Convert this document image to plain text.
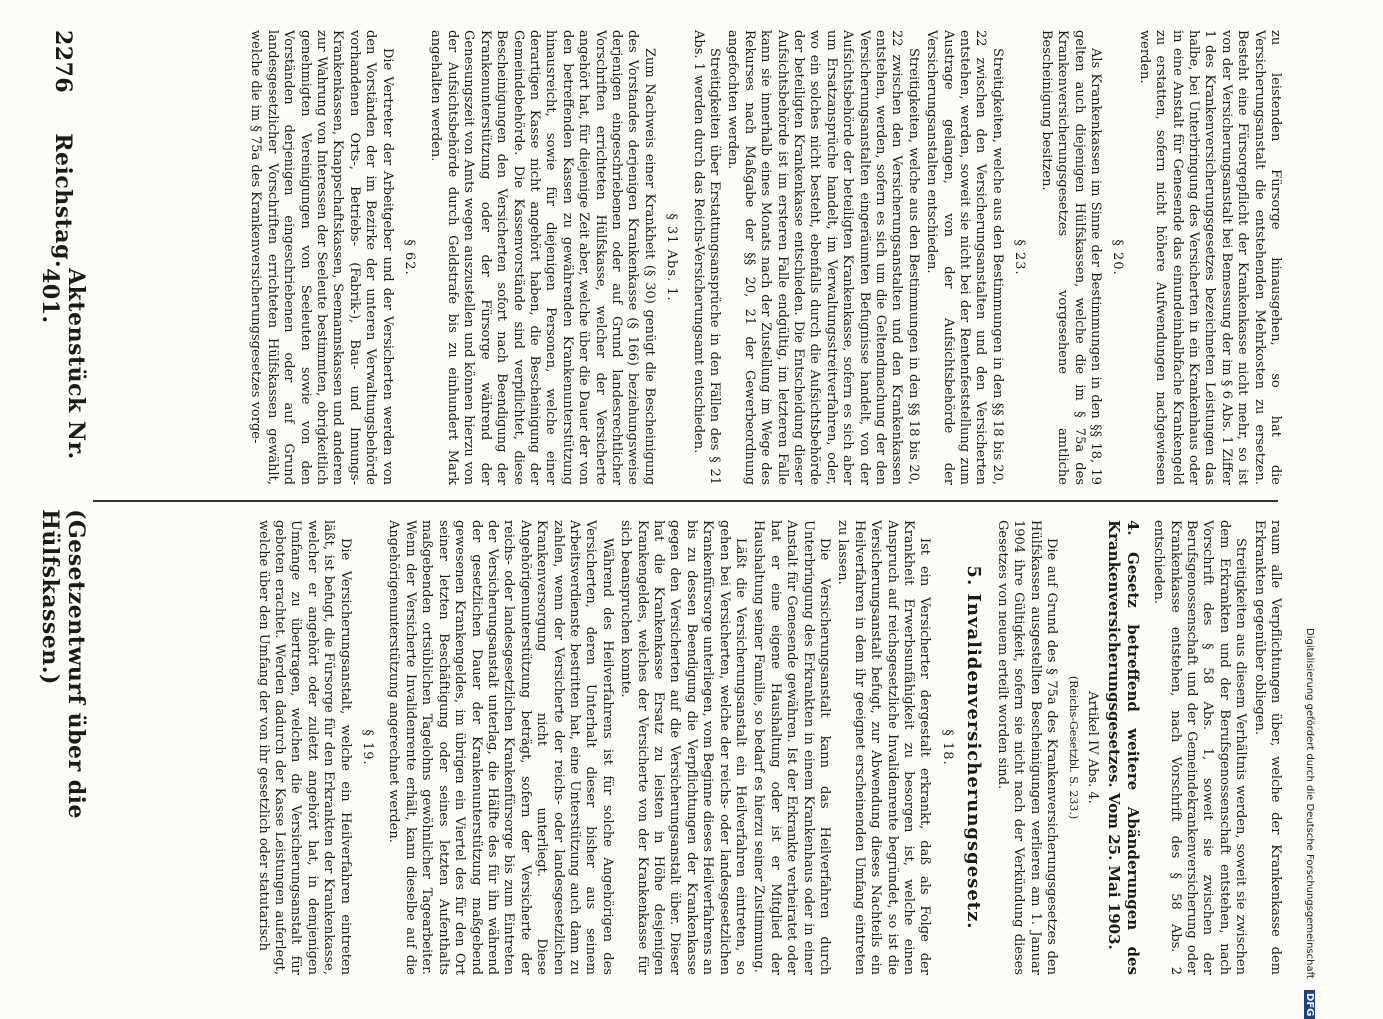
2276
Reichstag.
Aktenstück Nr. 401.
(Gesetzentwurf über die Hülfskassen.)	raum alle Verpflichtungen über, welche der Krankenkasse dem Erkrankten gegenüber obliegen.

Streitigkeiten aus diesem Verhältnis werden, soweit sie zwischen dem Erkrankten und der Berufsgenossenschaft entstehen, nach Vorschrift des § 58 Abs. 1, soweit sie zwischen der Berufsgenossenschaft und der Gemeindekrankenversicherung oder Krankenkasse entstehen, nach Vorschrift des § 58 Abs. 2 entschieden.

4. Gesetz betreffend weitere Abänderungen des Krankenversicherungsgesetzes. Vom 25. Mai 1903.
Artikel IV Abs. 4.
(Reichs-Gesetzbl. S. 233.)

Die auf Grund des § 75a des Krankenversicherungsgesetzes den Hülfskassen ausgestellten Bescheinigungen verlieren am 1. Januar 1904 ihre Gültigkeit, sofern sie nicht nach der Verkündung dieses Gesetzes von neuem erteilt worden sind.

5. Invalidenversicherungsgesetz.
§ 18.

Ist ein Versicherter dergestalt erkrankt, daß als Folge der Krankheit Erwerbsunfähigkeit zu besorgen ist, welche einen Anspruch auf reichsgesetzliche Invalidenrente begründet, so ist die Versicherungsanstalt befugt, zur Abwendung dieses Nachteils ein Heilverfahren in dem ihr geeignet erscheinenden Umfang eintreten zu lassen.

Die Versicherungsanstalt kann das Heilverfahren durch Unterbringung des Erkrankten in einem Krankenhaus oder in einer Anstalt für Genesende gewähren. Ist der Erkrankte verheiratet oder hat er eine eigene Haushaltung oder ist er Mitglied der Haushaltung seiner Familie, so bedarf es hierzu seiner Zustimmung.

Läßt die Versicherungsanstalt ein Heilverfahren eintreten, so gehen bei Versicherten, welche der reichs- oder landesgesetzlichen Krankenfürsorge unterliegen, vom Beginne dieses Heilverfahrens an bis zu dessen Beendigung die Verpflichtungen der Krankenkasse gegen den Versicherten auf die Versicherungsanstalt über. Dieser hat die Krankenkasse Ersatz zu leisten in Höhe desjenigen Krankengeldes, welches der Versicherte von der Krankenkasse für sich beanspruchen konnte.

Während des Heilverfahrens ist für solche Angehörigen des Versicherten, deren Unterhalt dieser bisher aus seinem Arbeitsverdienste bestritten hat, eine Unterstützung auch dann zu zahlen, wenn der Versicherte der reichs- oder landesgesetzlichen Krankenversorgung nicht unterliegt. Diese Angehörigenunterstützung beträgt, sofern der Versicherte der reichs- oder landesgesetzlichen Krankenfürsorge bis zum Eintreten der Versicherungsanstalt unterlag, die Hälfte des für ihn während der gesetzlichen Dauer der Krankenunterstützung maßgebend gewesenen Krankengeldes, im übrigen ein Viertel des für den Ort seiner letzten Beschäftigung oder seines letzten Aufenthalts maßgebenden ortsüblichen Tagelohns gewöhnlicher Tagearbeiter. Wenn der Versicherte Invalidenrente erhält, kann dieselbe auf die Angehörigenunterstützung angerechnet werden.

§ 19.

Die Versicherungsanstalt, welche ein Heilverfahren eintreten läßt, ist befugt, die Fürsorge für den Erkrankten der Krankenkasse, welcher er angehört oder zuletzt angehört hat, in demjenigen Umfange zu übertragen, welchen die Versicherungsanstalt für geboten erachtet. Werden dadurch der Kasse Leistungen auferlegt, welche über den Umfang der von ihr gesetzlich oder statutarisch

zu leistenden Fürsorge hinausgehen, so hat die Versicherungsanstalt die entstehenden Mehrkosten zu ersetzen. Besteht eine Fürsorgepflicht der Krankenkasse nicht mehr, so ist von der Versicherungsanstalt bei Bemessung der im § 6 Abs. 1 Ziffer 1 des Krankenversicherungsgesetzes bezeichneten Leistungen das halbe, bei Unterbringung des Versicherten in ein Krankenhaus oder in eine Anstalt für Genesende das einundeinhalbfache Krankengeld zu erstatten, sofern nicht höhere Aufwendungen nachgewiesen werden.

§ 20.

Als Krankenkassen im Sinne der Bestimmungen in den §§ 18, 19 gelten auch diejenigen Hülfskassen, welche die im § 75a des Krankenversicherungsgesetzes vorgesehene amtliche Bescheinigung besitzen.

§ 23.

Streitigkeiten, welche aus den Bestimmungen in den §§ 18 bis 20, 22 zwischen den Versicherungsanstalten und den Versicherten entstehen, werden, soweit sie nicht bei der Rentenfeststellung zum Austrage gelangen, von der Aufsichtsbehörde der Versicherungsanstalten entschieden.

Streitigkeiten, welche aus den Bestimmungen in den §§ 18 bis 20, 22 zwischen den Versicherungsanstalten und den Krankenkassen entstehen, werden, sofern es sich um die Geltendmachung der den Versicherungsanstalten eingeräumten Befugnisse handelt, von der Aufsichtsbehörde der beteiligten Krankenkasse, sofern es sich aber um Ersatzansprüche handelt, im Verwaltungsstreitverfahren, oder, wo ein solches nicht besteht, ebenfalls durch die Aufsichtsbehörde der beteiligten Krankenkasse entschieden. Die Entscheidung dieser Aufsichtsbehörde ist im ersteren Falle endgültig, im letzteren Falle kann sie innerhalb eines Monats nach der Zustellung im Wege des Rekurses nach Maßgabe der §§ 20, 21 der Gewerbeordnung angefochten werden.

Streitigkeiten über Erstattungsansprüche in den Fällen des § 21 Abs. 1 werden durch das Reichs-Versicherungsamt entschieden.

§ 31 Abs. 1.

Zum Nachweis einer Krankheit (§ 30) genügt die Bescheinigung des Vorstandes derjenigen Krankenkasse (§ 166) beziehungsweise derjenigen eingeschriebenen oder auf Grund landesrechtlicher Vorschriften errichteten Hülfskasse, welcher der Versicherte angehört hat, für diejenige Zeit aber, welche über die Dauer der von den betreffenden Kassen zu gewährenden Krankenunterstützung hinausreicht, sowie für diejenigen Personen, welche einer derartigen Kasse nicht angehört haben, die Bescheinigung der Gemeindebehörde. Die Kassenvorstände sind verpflichtet, diese Bescheinigungen den Versicherten sofort nach Beendigung der Krankenunterstützung oder der Fürsorge während der Genesungszeit von Amts wegen auszustellen und können hierzu von der Aufsichtsbehörde durch Geldstrafe bis zu einhundert Mark angehalten werden.

§ 62.

Die Vertreter der Arbeitgeber und der Versicherten werden von den Vorständen der im Bezirke der unteren Verwaltungsbehörde vorhandenen Orts-, Betriebs- (Fabrik-), Bau- und Innungs-Krankenkassen, Knappschaftskassen, Seemannskassen und anderen zur Wahrung von Interessen der Seeleute bestimmten, obrigkeitlich genehmigten Vereinigungen von Seeleuten sowie von den Vorständen derjenigen eingeschriebenen oder auf Grund landesgesetzlicher Vorschriften errichteten Hülfskassen gewählt, welche die im § 75a des Krankenversicherungsgesetzes vorge-

Digitalisierung gefördert durch die Deutsche Forschungsgemeinschaft DFG
